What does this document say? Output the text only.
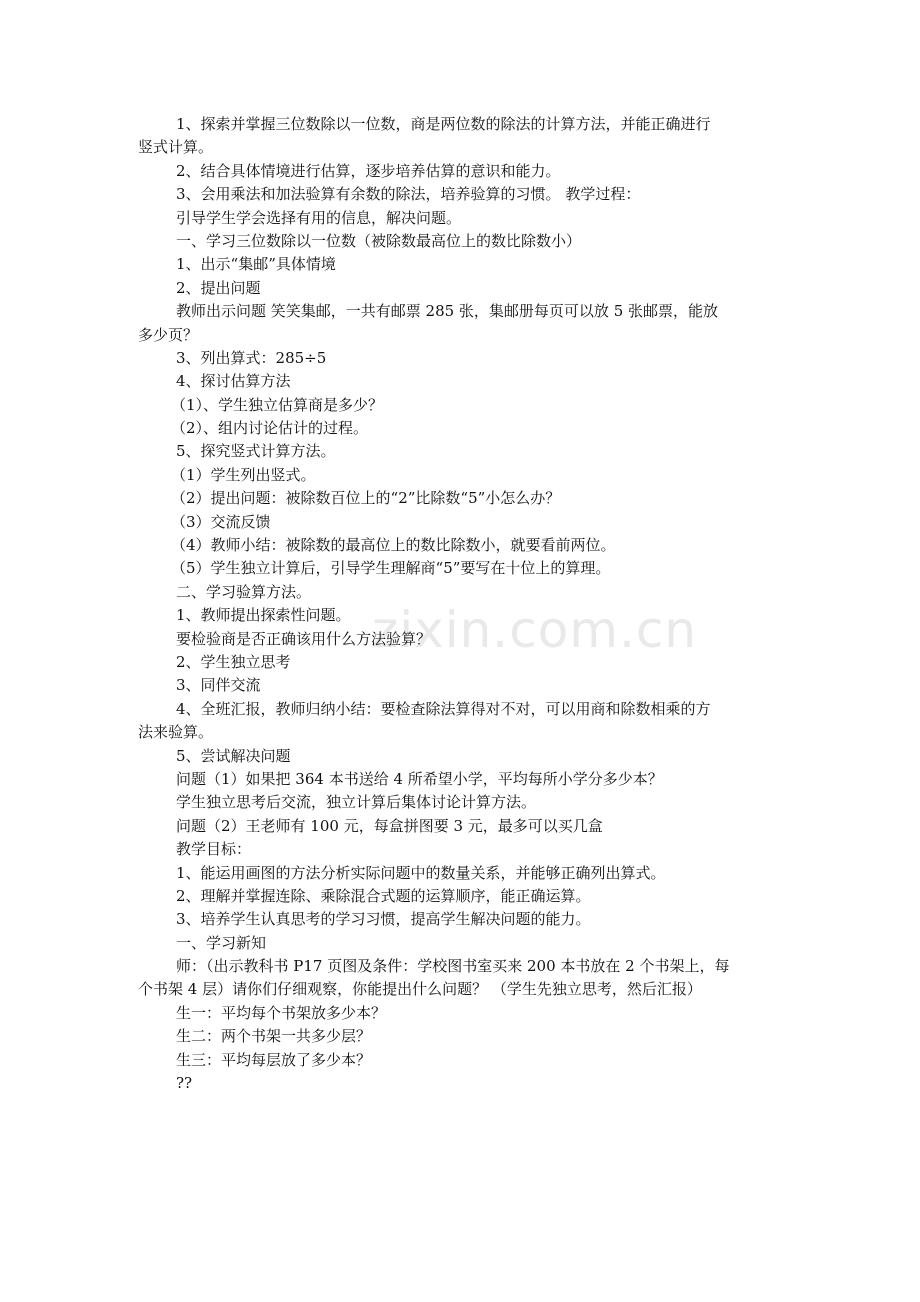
zixin.com.cn
1、探索并掌握三位数除以一位数，商是两位数的除法的计算方法，并能正确进行
竖式计算。
2、结合具体情境进行估算，逐步培养估算的意识和能力。
3、会用乘法和加法验算有余数的除法，培养验算的习惯。 教学过程：
引导学生学会选择有用的信息，解决问题。
一、学习三位数除以一位数（被除数最高位上的数比除数小）
1、出示“集邮”具体情境
2、提出问题
教师出示问题 笑笑集邮，一共有邮票 285 张，集邮册每页可以放 5 张邮票，能放
多少页？
3、列出算式：285÷5
4、探讨估算方法
（1）、学生独立估算商是多少？
（2）、组内讨论估计的过程。
5、探究竖式计算方法。
（1）学生列出竖式。
（2）提出问题：被除数百位上的“2”比除数“5”小怎么办？
（3）交流反馈
（4）教师小结：被除数的最高位上的数比除数小，就要看前两位。
（5）学生独立计算后，引导学生理解商“5”要写在十位上的算理。
二、学习验算方法。
1、教师提出探索性问题。
要检验商是否正确该用什么方法验算？
2、学生独立思考
3、同伴交流
4、全班汇报，教师归纳小结：要检查除法算得对不对，可以用商和除数相乘的方
法来验算。
5、尝试解决问题
问题（1）如果把 364 本书送给 4 所希望小学，平均每所小学分多少本？
学生独立思考后交流，独立计算后集体讨论计算方法。
问题（2）王老师有 100 元，每盒拼图要 3 元，最多可以买几盒
教学目标：
1、能运用画图的方法分析实际问题中的数量关系，并能够正确列出算式。
2、理解并掌握连除、乘除混合式题的运算顺序，能正确运算。
3、培养学生认真思考的学习习惯，提高学生解决问题的能力。
一、学习新知
师：（出示教科书 P17 页图及条件：学校图书室买来 200 本书放在 2 个书架上，每
个书架 4 层）请你们仔细观察，你能提出什么问题？ （学生先独立思考，然后汇报）
生一：平均每个书架放多少本？
生二：两个书架一共多少层？
生三：平均每层放了多少本？
??
